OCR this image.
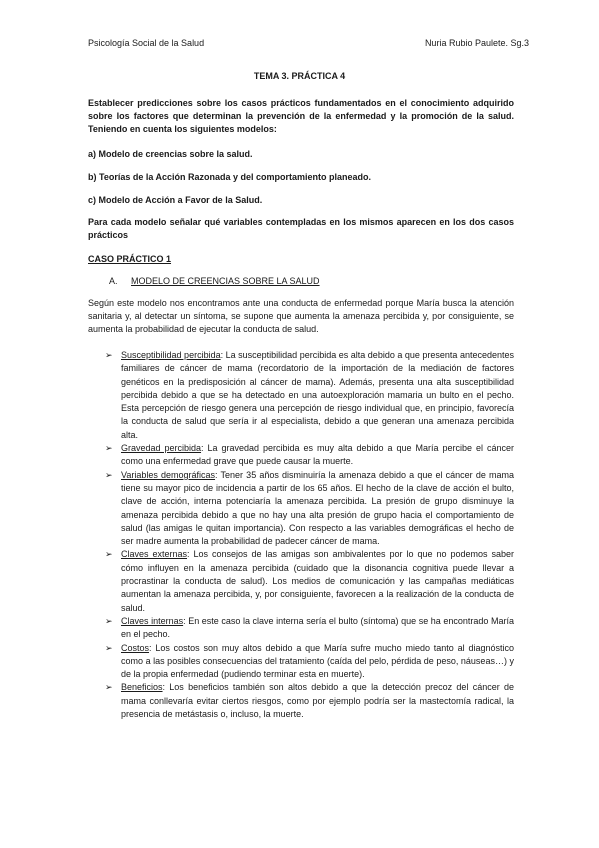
Psicología Social de la Salud	Nuria Rubio Paulete. Sg.3
TEMA 3. PRÁCTICA 4
Establecer predicciones sobre los casos prácticos fundamentados en el conocimiento adquirido sobre los factores que determinan la prevención de la enfermedad y la promoción de la salud. Teniendo en cuenta los siguientes modelos:
a) Modelo de creencias sobre la salud.
b) Teorías de la Acción Razonada y del comportamiento planeado.
c) Modelo de Acción a Favor de la Salud.
Para cada modelo señalar qué variables contempladas en los mismos aparecen en los dos casos prácticos
CASO PRÁCTICO 1
A. MODELO DE CREENCIAS SOBRE LA SALUD
Según este modelo nos encontramos ante una conducta de enfermedad porque María busca la atención sanitaria y, al detectar un síntoma, se supone que aumenta la amenaza percibida y, por consiguiente, se aumenta la probabilidad de ejecutar la conducta de salud.
➢ Susceptibilidad percibida: La susceptibilidad percibida es alta debido a que presenta antecedentes familiares de cáncer de mama (recordatorio de la importación de la mediación de factores genéticos en la predisposición al cáncer de mama). Además, presenta una alta susceptibilidad percibida debido a que se ha detectado en una autoexploración mamaria un bulto en el pecho. Esta percepción de riesgo genera una percepción de riesgo individual que, en principio, favorecía la conducta de salud que sería ir al especialista, debido a que generan una amenaza percibida alta.
➢ Gravedad percibida: La gravedad percibida es muy alta debido a que María percibe el cáncer como una enfermedad grave que puede causar la muerte.
➢ Variables demográficas: Tener 35 años disminuiría la amenaza debido a que el cáncer de mama tiene su mayor pico de incidencia a partir de los 65 años. El hecho de la clave de acción el bulto, clave de acción, interna potenciaría la amenaza percibida. La presión de grupo disminuye la amenaza percibida debido a que no hay una alta presión de grupo hacia el comportamiento de salud (las amigas le quitan importancia). Con respecto a las variables demográficas el hecho de ser madre aumenta la probabilidad de padecer cáncer de mama.
➢ Claves externas: Los consejos de las amigas son ambivalentes por lo que no podemos saber cómo influyen en la amenaza percibida (cuidado que la disonancia cognitiva puede llevar a procrastinar la conducta de salud). Los medios de comunicación y las campañas mediáticas aumentan la amenaza percibida, y, por consiguiente, favorecen a la realización de la conducta de salud.
➢ Claves internas: En este caso la clave interna sería el bulto (síntoma) que se ha encontrado María en el pecho.
➢ Costos: Los costos son muy altos debido a que María sufre mucho miedo tanto al diagnóstico como a las posibles consecuencias del tratamiento (caída del pelo, pérdida de peso, náuseas…) y de la propia enfermedad (pudiendo terminar esta en muerte).
➢ Beneficios: Los beneficios también son altos debido a que la detección precoz del cáncer de mama conllevaría evitar ciertos riesgos, como por ejemplo podría ser la mastectomía radical, la presencia de metástasis o, incluso, la muerte.
